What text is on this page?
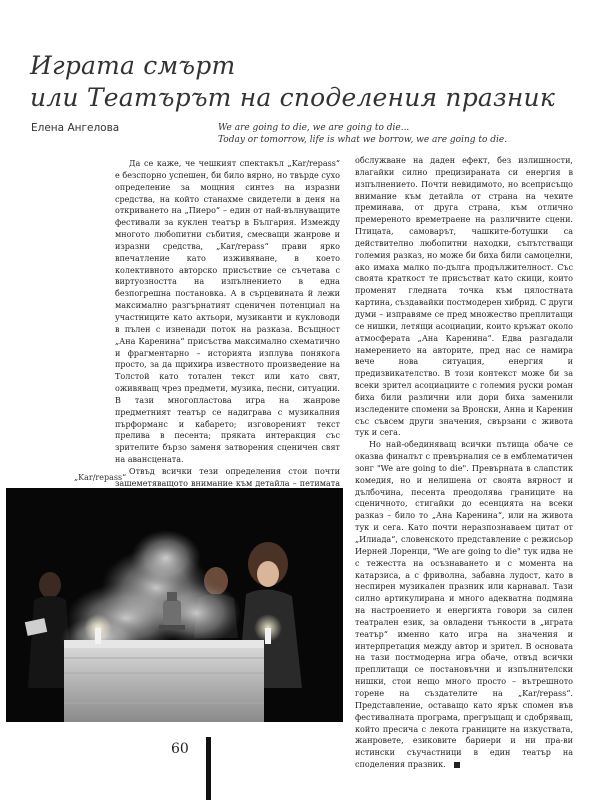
Играта смърт
или Театърът на споделения празник
Елена Ангелова	We are going to die, we are going to die...
Today or tomorrow, life is what we borrow, we are going to die.

Да се каже, че чешкият спектакъл „Kar/repass“ е безспорно успешен, би било вярно, но твърде сухо определение за мощния синтез на изразни средства, на който станахме свидетели в деня на откриването на „Пиеро“ – един от най-вълнуващите фестивали за куклен театър в България. Измежду многото любопитни събития, смесващи жанрове и изразни средства, „Kar/repass“ прави ярко впечатление като изживяване, в което колективното авторско присъствие се съчетава с виртуозността на изпълнението в една безпогрешна постановка. А в сърцевината й лежи максимално разгърнатият сценичен потенциал на участниците като актьори, музиканти и кукловоди в пълен с изненади поток на разказа. Всъщност „Ана Каренина“ присъства максимално схематично и фрагментарно – историята изплува понякога просто, за да щрихира известното произведение на Толстой като тотален текст или като свят, оживяващ чрез предмети, музика, песни, ситуации. В тази многопластова игра на жанрове предметният театър се надиграва с музикалния пърформанс и кабарето; изговореният текст прелива в песента; пряката интеракция със зрителите бързо заменя затворения сценичен свят на авансцената.

Отвъд всички тези определения стои почти зашеметяващото внимание към детайла – петимата

обслужване на даден ефект, без излишности, влагайки силно прецизираната си енергия в изпълнението. Почти невидимото, но всеприсъщо внимание към детайла от страна на чехите преминава, от друга страна, към отлично премереното времетраене на различните сцени. Птицата, самоварът, чашките-ботушки са действително любопитни находки, съпътстващи големия разказ, но може би биха били самоцелни, ако имаха малко по-дълга продължителност. Със своята краткост те присъстват като скици, които променят гледната точка към цялостната картина, създавайки постмодерен хибрид. С други думи – изправяме се пред множество преплитащи се нишки, летящи асоциации, които кръжат около атмосферата „Ана Каренина“. Едва разгадали намерението на авторите, пред нас се намира вече нова ситуация, енергия и предизвикателство. В този контекст може би за всеки зрител асоциациите с големия руски роман биха били различни или дори биха заменили изследените спомени за Вронски, Анна и Каренин със съвсем други значения, свързани с живота тук и сега.

Но най-обединяващ всички пътища обаче се оказва финалът с превърналия се в емблематичен зонг "We are going to die". Превърната в слапстик комедия, но и нелишена от своята вярност и дълбочина, песента преодолява границите на сценичното, стигайки до есенцията на всеки разказ – било то „Ана Каренина“, или на живота тук и сега. Като почти неразпознаваем цитат от „Илиада“, словенското представление с режисьор Иерней Лоренци, "We are going to die" тук идва не с тежестта на осъзнаването и с момента на катарзиса, а с фриволна, забавна лудост, като в неспирен музикален празник или карнавал. Тази силно артикулирана и много адекватна подмяна на настроението и енергията говори за силен театрален език, за овладени тънкости в „играта театър“ именно като игра на значения и интерпретация между автор и зрител. В основата на тази постмодерна игра обаче, отвъд всички преплитащи се постановъчни и изпълнителски нишки, стои нещо много просто – вътрешното горене на създателите на „Kar/repass“. Представление, оставащо като ярък спомен във фестивалната програма, прегръщащ и сдобряващ, който пресича с лекота границите на изкуствата, жанровете, езиковите бариери и ни пра-ви истински съучастници в един театър на споделения празник.

„Kar/repass“
60
